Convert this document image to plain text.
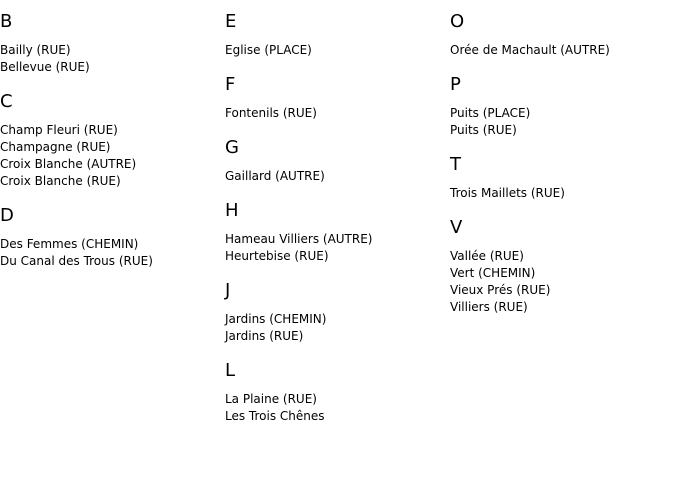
B
Bailly (RUE)
Bellevue (RUE)
C
Champ Fleuri (RUE)
Champagne (RUE)
Croix Blanche (AUTRE)
Croix Blanche (RUE)
D
Des Femmes (CHEMIN)
Du Canal des Trous (RUE)
E
Eglise (PLACE)
F
Fontenils (RUE)
G
Gaillard (AUTRE)
H
Hameau Villiers (AUTRE)
Heurtebise (RUE)
J
Jardins (CHEMIN)
Jardins (RUE)
L
La Plaine (RUE)
Les Trois Chênes
O
Orée de Machault (AUTRE)
P
Puits (PLACE)
Puits (RUE)
T
Trois Maillets (RUE)
V
Vallée (RUE)
Vert (CHEMIN)
Vieux Prés (RUE)
Villiers (RUE)
